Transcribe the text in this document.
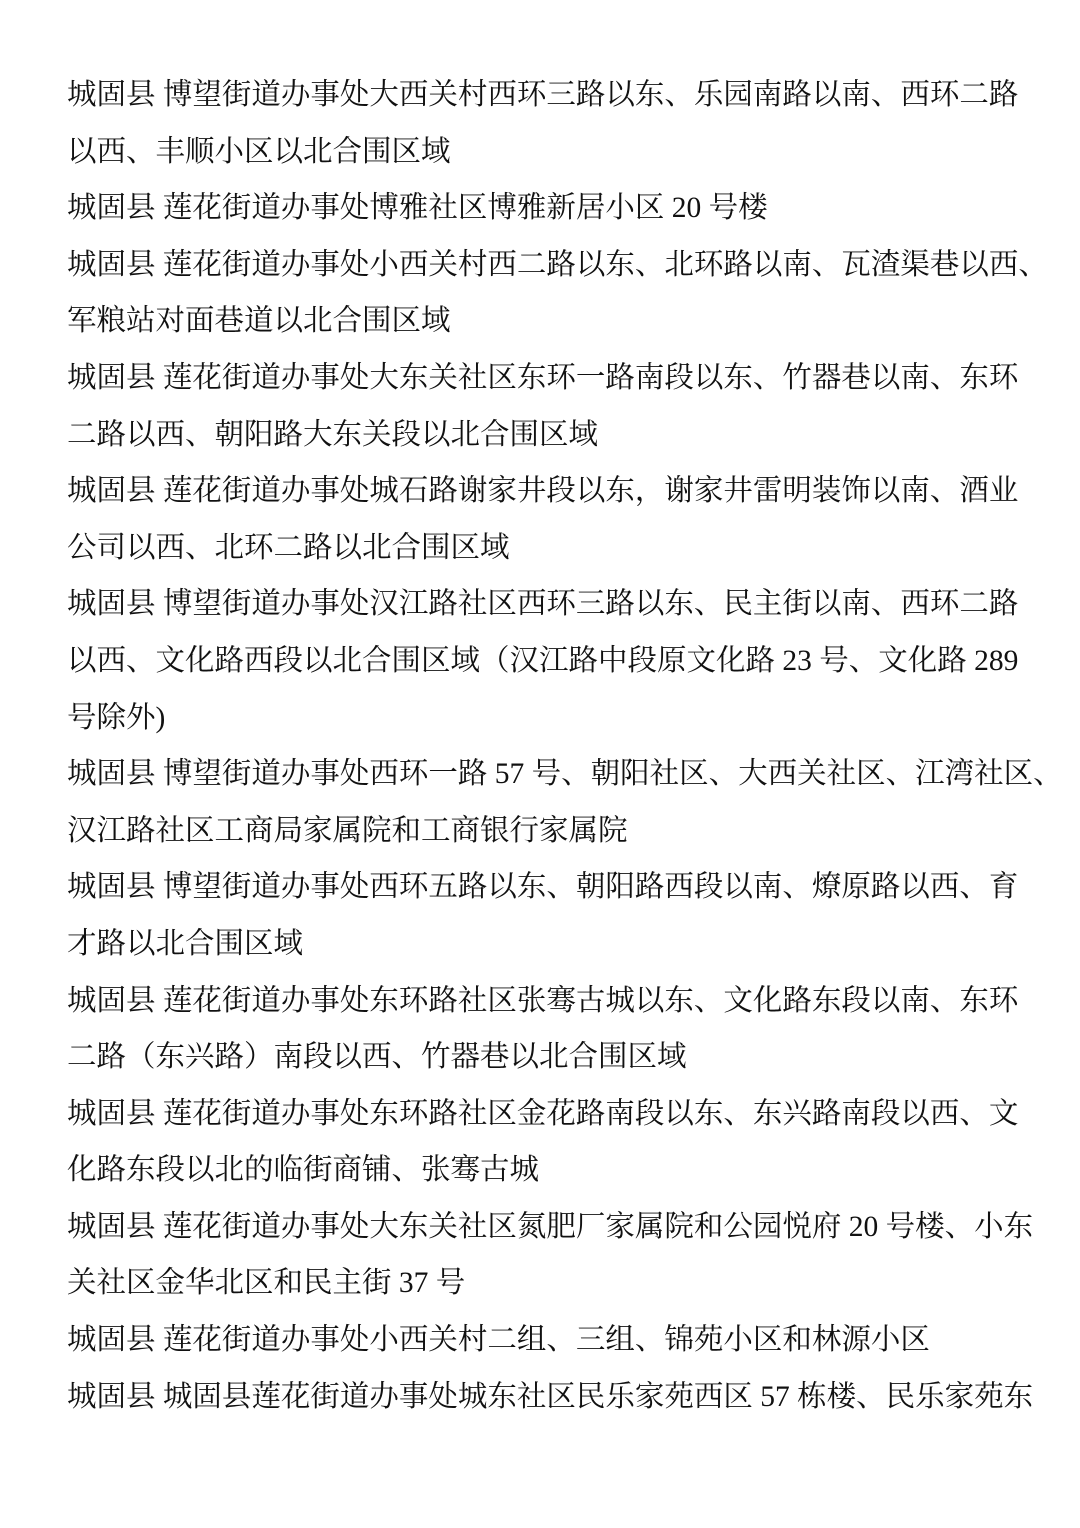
城固县 博望街道办事处大西关村西环三路以东、乐园南路以南、西环二路
以西、丰顺小区以北合围区域
城固县 莲花街道办事处博雅社区博雅新居小区 20 号楼
城固县 莲花街道办事处小西关村西二路以东、北环路以南、瓦渣渠巷以西、
军粮站对面巷道以北合围区域
城固县 莲花街道办事处大东关社区东环一路南段以东、竹器巷以南、东环
二路以西、朝阳路大东关段以北合围区域
城固县 莲花街道办事处城石路谢家井段以东，谢家井雷明装饰以南、酒业
公司以西、北环二路以北合围区域
城固县 博望街道办事处汉江路社区西环三路以东、民主街以南、西环二路
以西、文化路西段以北合围区域（汉江路中段原文化路 23 号、文化路 289
号除外)
城固县 博望街道办事处西环一路 57 号、朝阳社区、大西关社区、江湾社区、
汉江路社区工商局家属院和工商银行家属院
城固县 博望街道办事处西环五路以东、朝阳路西段以南、燎原路以西、育
才路以北合围区域
城固县 莲花街道办事处东环路社区张骞古城以东、文化路东段以南、东环
二路（东兴路）南段以西、竹器巷以北合围区域
城固县 莲花街道办事处东环路社区金花路南段以东、东兴路南段以西、文
化路东段以北的临街商铺、张骞古城
城固县 莲花街道办事处大东关社区氮肥厂家属院和公园悦府 20 号楼、小东
关社区金华北区和民主街 37 号
城固县 莲花街道办事处小西关村二组、三组、锦苑小区和林源小区
城固县 城固县莲花街道办事处城东社区民乐家苑西区 57 栋楼、民乐家苑东
